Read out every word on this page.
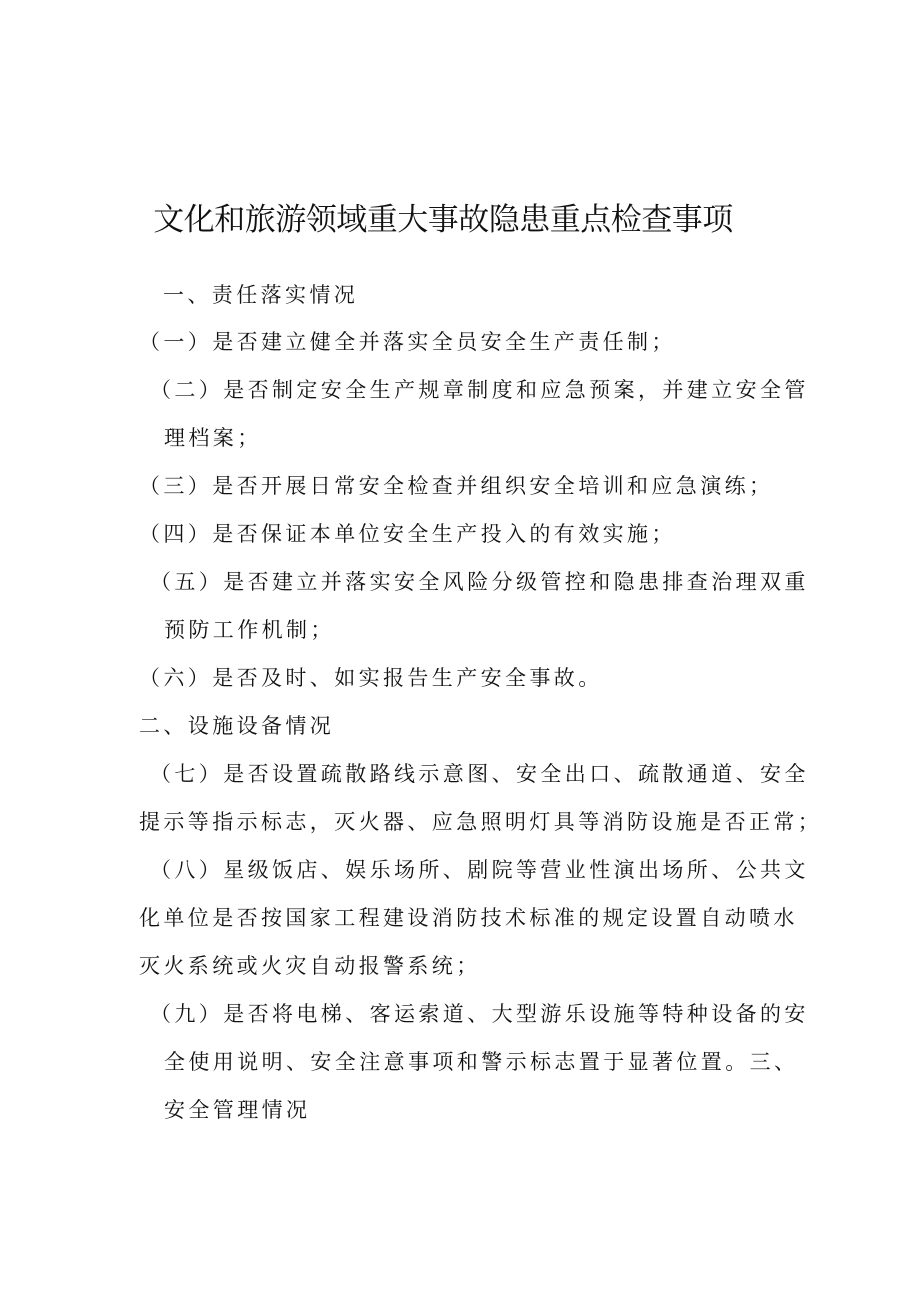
文化和旅游领域重大事故隐患重点检查事项
一、责任落实情况
（一）是否建立健全并落实全员安全生产责任制；
（二）是否制定安全生产规章制度和应急预案，并建立安全管
理档案；
（三）是否开展日常安全检查并组织安全培训和应急演练；
（四）是否保证本单位安全生产投入的有效实施；
（五）是否建立并落实安全风险分级管控和隐患排查治理双重
预防工作机制；
（六）是否及时、如实报告生产安全事故。
二、设施设备情况
（七）是否设置疏散路线示意图、安全出口、疏散通道、安全
提示等指示标志，灭火器、应急照明灯具等消防设施是否正常；
（八）星级饭店、娱乐场所、剧院等营业性演出场所、公共文
化单位是否按国家工程建设消防技术标准的规定设置自动喷水
灭火系统或火灾自动报警系统；
（九）是否将电梯、客运索道、大型游乐设施等特种设备的安
全使用说明、安全注意事项和警示标志置于显著位置。三、
安全管理情况
